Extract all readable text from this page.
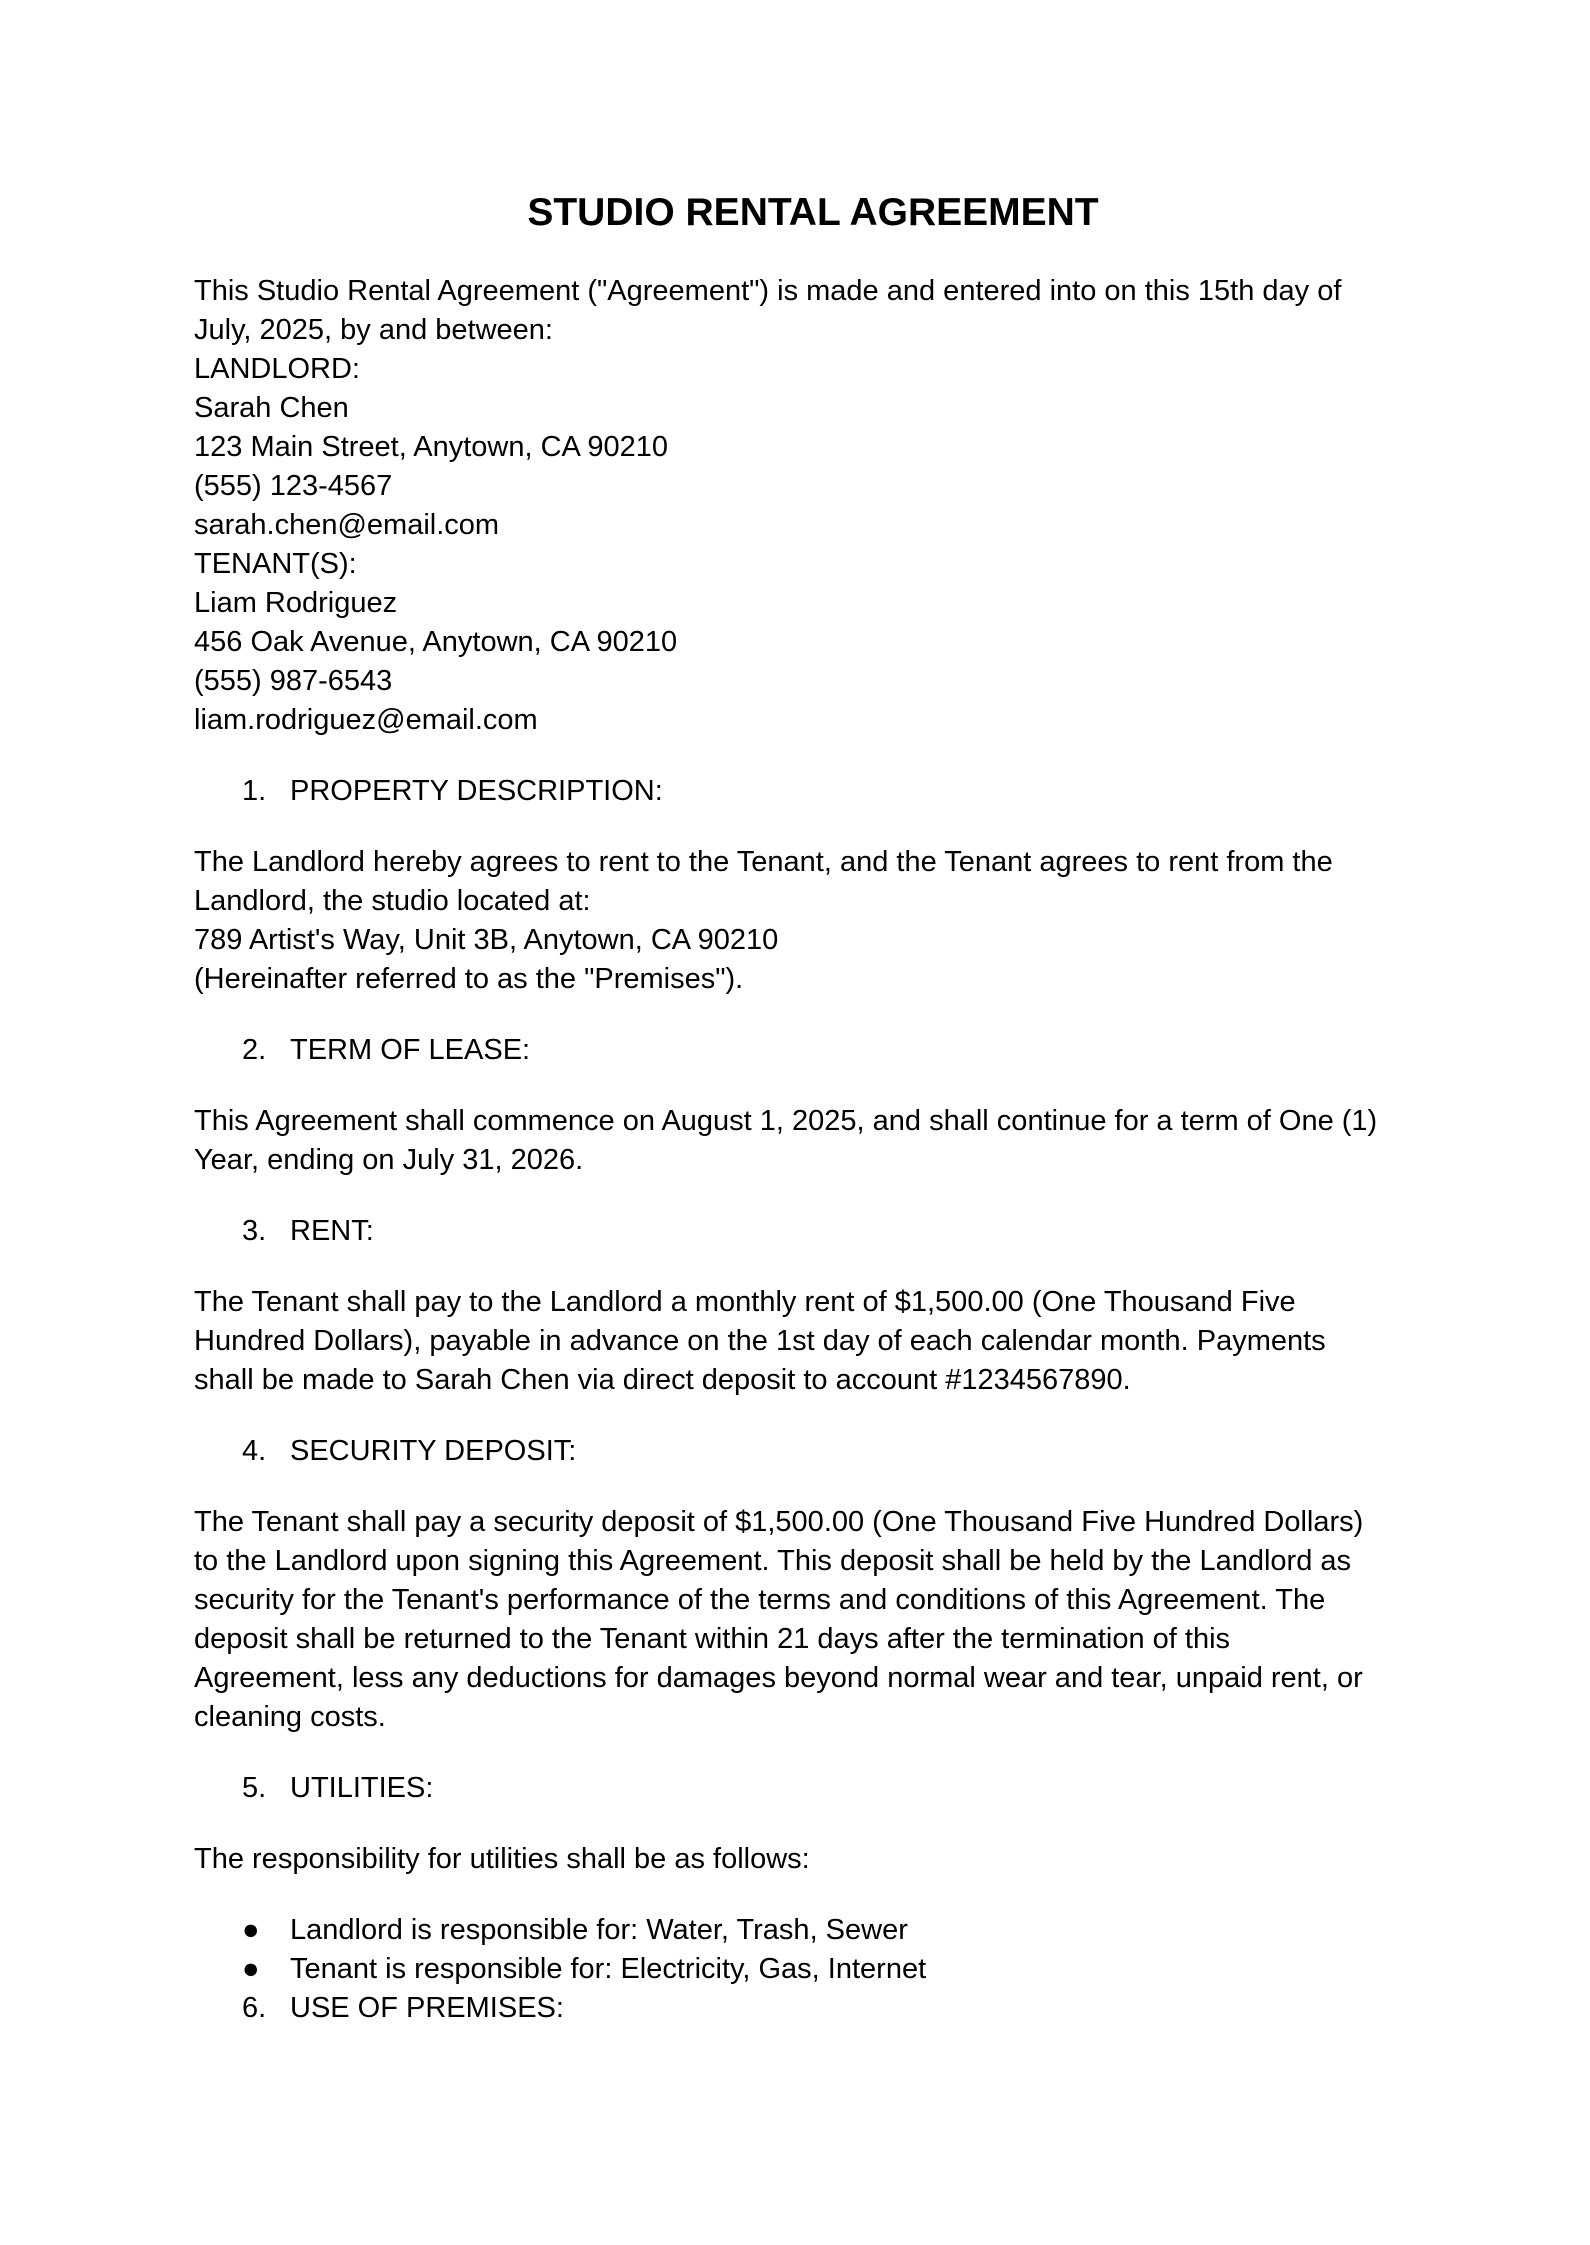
STUDIO RENTAL AGREEMENT
This Studio Rental Agreement ("Agreement") is made and entered into on this 15th day of
July, 2025, by and between:
LANDLORD:
Sarah Chen
123 Main Street, Anytown, CA 90210
(555) 123-4567
sarah.chen@email.com
TENANT(S):
Liam Rodriguez
456 Oak Avenue, Anytown, CA 90210
(555) 987-6543
liam.rodriguez@email.com
1. PROPERTY DESCRIPTION:
The Landlord hereby agrees to rent to the Tenant, and the Tenant agrees to rent from the
Landlord, the studio located at:
789 Artist's Way, Unit 3B, Anytown, CA 90210
(Hereinafter referred to as the "Premises").
2. TERM OF LEASE:
This Agreement shall commence on August 1, 2025, and shall continue for a term of One (1)
Year, ending on July 31, 2026.
3. RENT:
The Tenant shall pay to the Landlord a monthly rent of $1,500.00 (One Thousand Five
Hundred Dollars), payable in advance on the 1st day of each calendar month. Payments
shall be made to Sarah Chen via direct deposit to account #1234567890.
4. SECURITY DEPOSIT:
The Tenant shall pay a security deposit of $1,500.00 (One Thousand Five Hundred Dollars)
to the Landlord upon signing this Agreement. This deposit shall be held by the Landlord as
security for the Tenant's performance of the terms and conditions of this Agreement. The
deposit shall be returned to the Tenant within 21 days after the termination of this
Agreement, less any deductions for damages beyond normal wear and tear, unpaid rent, or
cleaning costs.
5. UTILITIES:
The responsibility for utilities shall be as follows:
●	Landlord is responsible for: Water, Trash, Sewer
●	Tenant is responsible for: Electricity, Gas, Internet
6. USE OF PREMISES:
